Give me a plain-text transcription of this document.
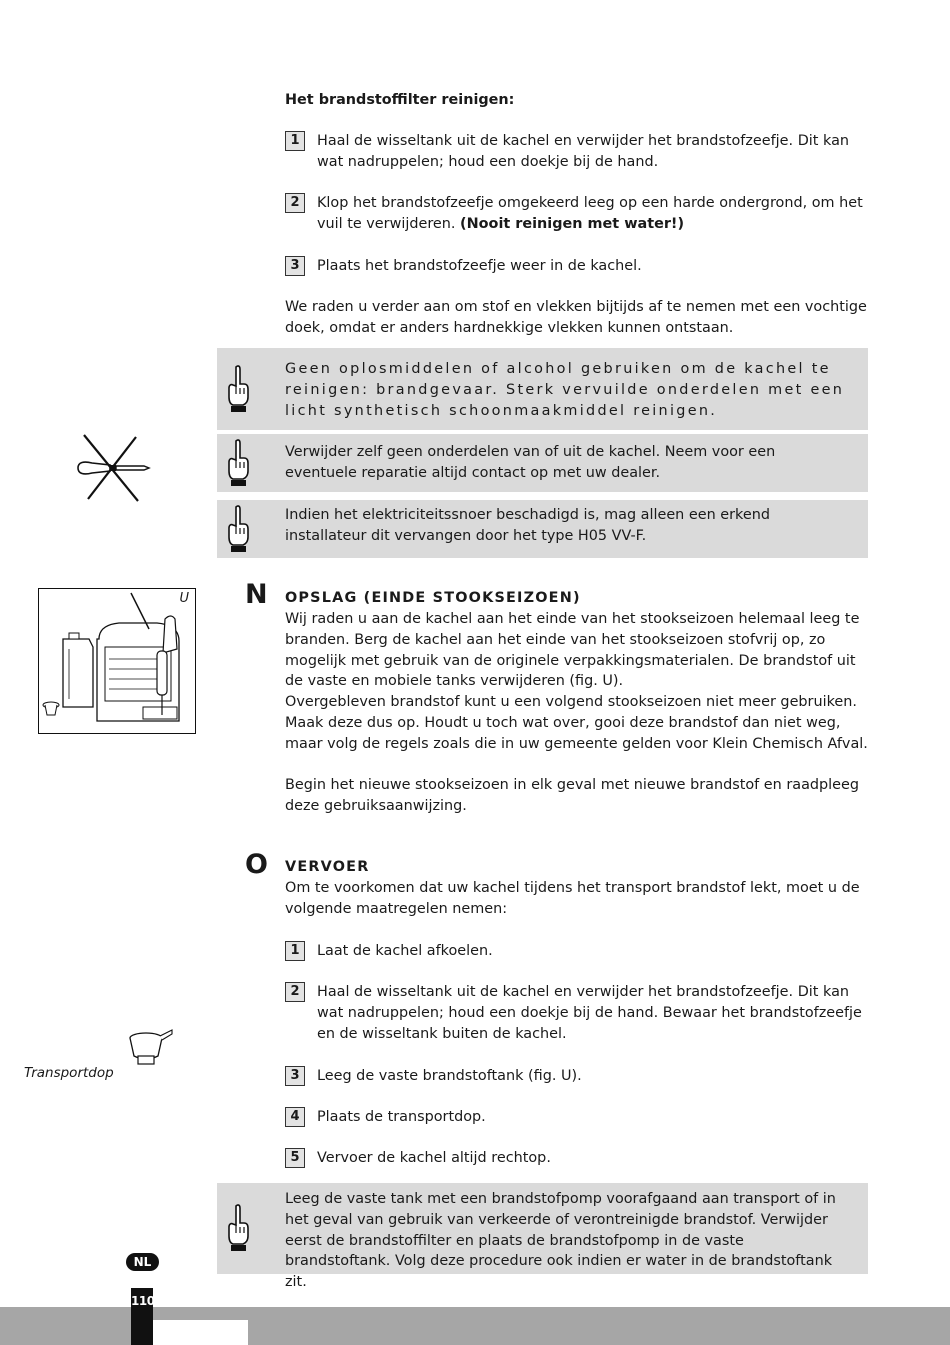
Het brandstoffilter reinigen:
1	Haal de wisseltank uit de kachel en verwijder het brandstofzeefje. Dit kan wat nadruppelen; houd een doekje bij de hand.
2	Klop het brandstofzeefje omgekeerd leeg op een harde ondergrond, om het vuil te verwijderen. (Nooit reinigen met water!)
3	Plaats het brandstofzeefje weer in de kachel.
We raden u verder aan om stof en vlekken bijtijds af te nemen met een vochtige doek, omdat er anders hardnekkige vlekken kunnen ontstaan.
Geen oplosmiddelen of alcohol gebruiken om de kachel te reinigen: brandgevaar. Sterk vervuilde onderdelen met een licht synthetisch schoonmaakmiddel reinigen.
Verwijder zelf geen onderdelen van of uit de kachel. Neem voor een eventuele reparatie altijd contact op met uw dealer.
Indien het elektriciteitssnoer beschadigd is, mag alleen een erkend installateur dit vervangen door het type H05 VV-F.
N OPSLAG (EINDE STOOKSEIZOEN)
Wij raden u aan de kachel aan het einde van het stookseizoen helemaal leeg te branden. Berg de kachel aan het einde van het stookseizoen stofvrij op, zo mogelijk met gebruik van de originele verpakkingsmaterialen. De brandstof uit de vaste en mobiele tanks verwijderen (fig. U).
Overgebleven brandstof kunt u een volgend stookseizoen niet meer gebruiken. Maak deze dus op. Houdt u toch wat over, gooi deze brandstof dan niet weg, maar volg de regels zoals die in uw gemeente gelden voor Klein Chemisch Afval.
Begin het nieuwe stookseizoen in elk geval met nieuwe brandstof en raadpleeg deze gebruiksaanwijzing.
U
O VERVOER
Om te voorkomen dat uw kachel tijdens het transport brandstof lekt, moet u de volgende maatregelen nemen:
1	Laat de kachel afkoelen.
2	Haal de wisseltank uit de kachel en verwijder het brandstofzeefje. Dit kan wat nadruppelen; houd een doekje bij de hand. Bewaar het brandstofzeefje en de wisseltank buiten de kachel.
3	Leeg de vaste brandstoftank (fig. U).
4	Plaats de transportdop.
5	Vervoer de kachel altijd rechtop.
Transportdop
Leeg de vaste tank met een brandstofpomp voorafgaand aan transport of in het geval van gebruik van verkeerde of verontreinigde brandstof. Verwijder eerst de brandstoffilter en plaats de brandstofpomp in de vaste brandstoftank. Volg deze procedure ook indien er water in de brandstoftank zit.
NL
110
